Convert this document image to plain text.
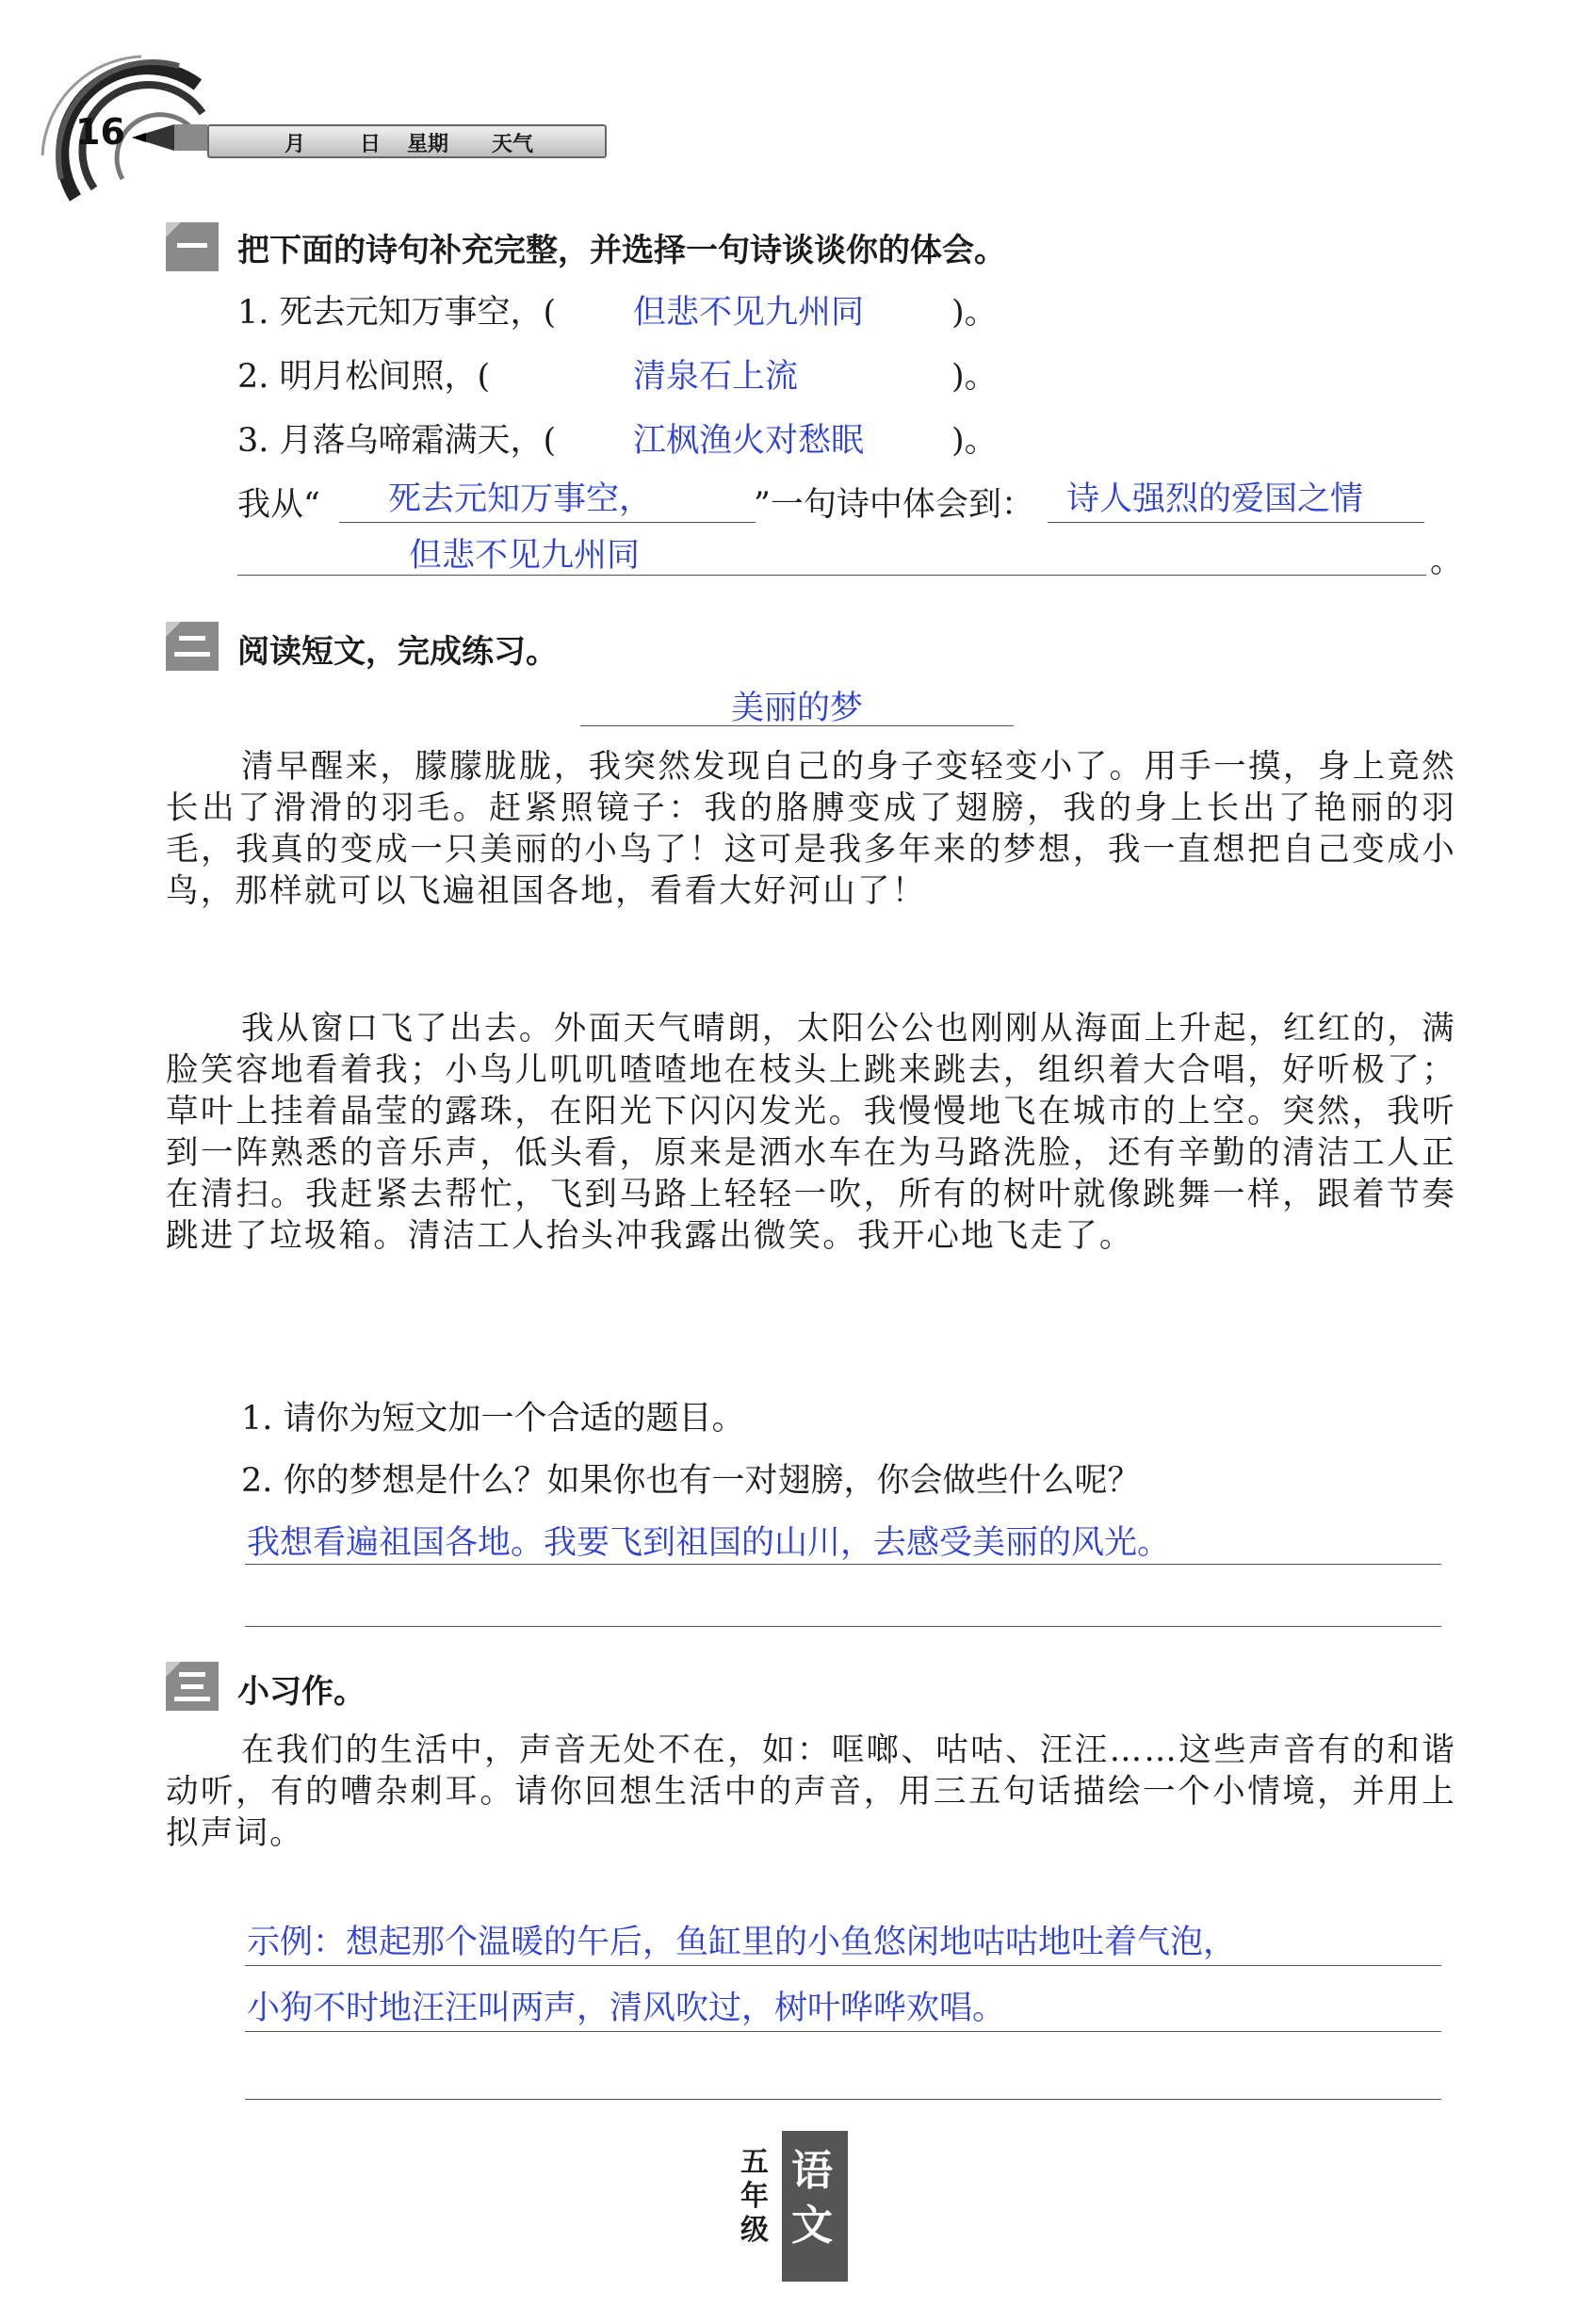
16	月	日 星期 天气
把下面的诗句补充完整，并选择一句诗谈谈你的体会。
1. 死去元知万事空，( 但悲不见九州同	)。
2. 明月松间照，(	清泉石上流	)。
3. 月落乌啼霜满天，( 江枫渔火对愁眠	)。
我从“ 死去元知万事空，	”一句诗中体会到： 诗人强烈的爱国之情
但悲不见九州同	。
阅读短文，完成练习。
美丽的梦
清早醒来，朦朦胧胧，我突然发现自己的身子变轻变小了。用手一摸，身上竟然长出了滑滑的羽毛。赶紧照镜子：我的胳膊变成了翅膀，我的身上长出了艳丽的羽毛，我真的变成一只美丽的小鸟了！这可是我多年来的梦想，我一直想把自己变成小鸟，那样就可以飞遍祖国各地，看看大好河山了！
我从窗口飞了出去。外面天气晴朗，太阳公公也刚刚从海面上升起，红红的，满脸笑容地看着我；小鸟儿叽叽喳喳地在枝头上跳来跳去，组织着大合唱，好听极了；草叶上挂着晶莹的露珠，在阳光下闪闪发光。我慢慢地飞在城市的上空。突然，我听到一阵熟悉的音乐声，低头看，原来是洒水车在为马路洗脸，还有辛勤的清洁工人正在清扫。我赶紧去帮忙，飞到马路上轻轻一吹，所有的树叶就像跳舞一样，跟着节奏跳进了垃圾箱。清洁工人抬头冲我露出微笑。我开心地飞走了。
1. 请你为短文加一个合适的题目。
2. 你的梦想是什么？如果你也有一对翅膀，你会做些什么呢？
我想看遍祖国各地。我要飞到祖国的山川，去感受美丽的风光。
小习作。
在我们的生活中，声音无处不在，如：哐啷、咕咕、汪汪……这些声音有的和谐动听，有的嘈杂刺耳。请你回想生活中的声音，用三五句话描绘一个小情境，并用上拟声词。
示例：想起那个温暖的午后，鱼缸里的小鱼悠闲地咕咕地吐着气泡，
小狗不时地汪汪叫两声，清风吹过，树叶哗哗欢唱。
五年级
语文
